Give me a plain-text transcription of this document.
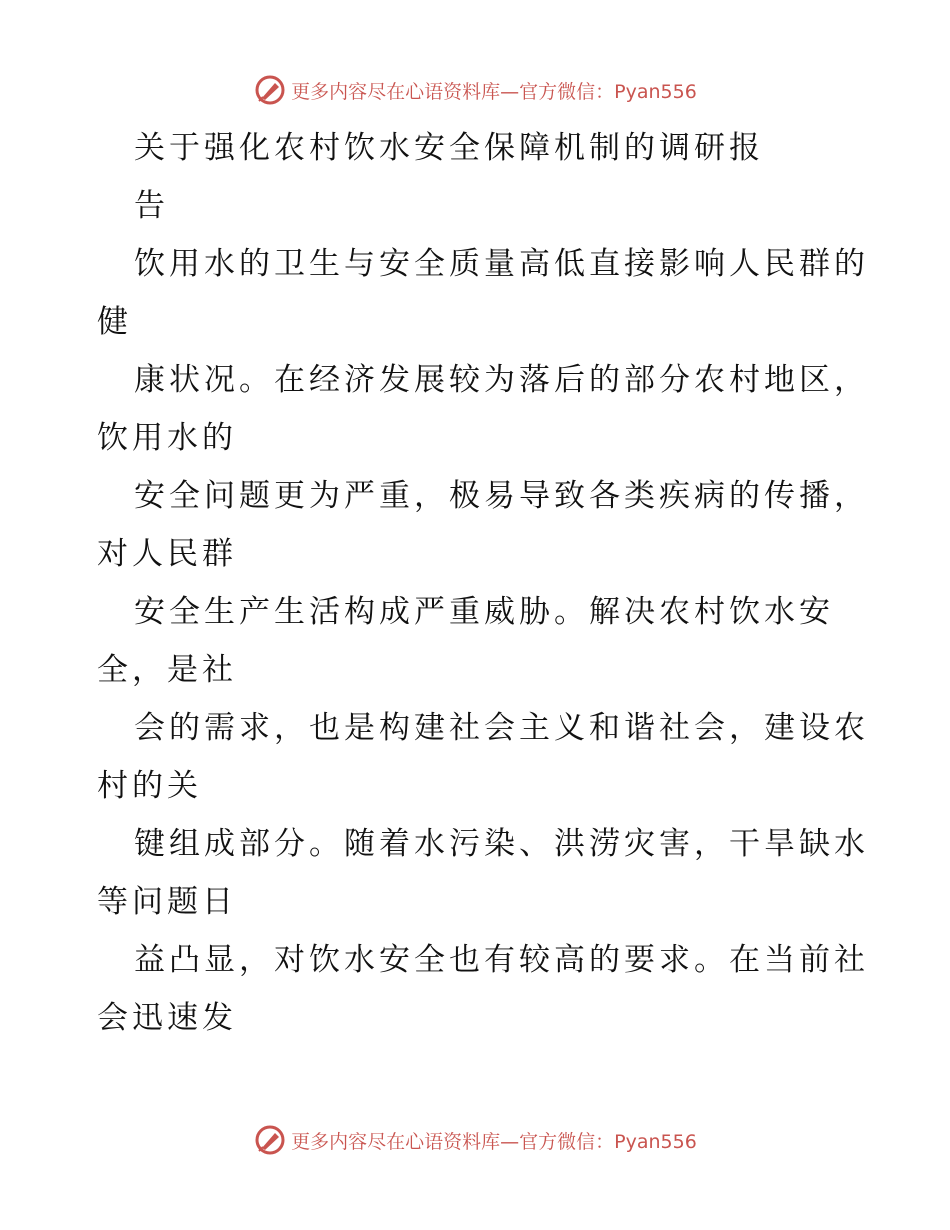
更多内容尽在心语资料库—官方微信：Pyan556
关于强化农村饮水安全保障机制的调研报
告
饮用水的卫生与安全质量高低直接影响人民群的
健
康状况。在经济发展较为落后的部分农村地区，
饮用水的
安全问题更为严重，极易导致各类疾病的传播，
对人民群
安全生产生活构成严重威胁。解决农村饮水安
全，是社
会的需求，也是构建社会主义和谐社会，建设农
村的关
键组成部分。随着水污染、洪涝灾害，干旱缺水
等问题日
益凸显，对饮水安全也有较高的要求。在当前社
会迅速发
更多内容尽在心语资料库—官方微信：Pyan556
